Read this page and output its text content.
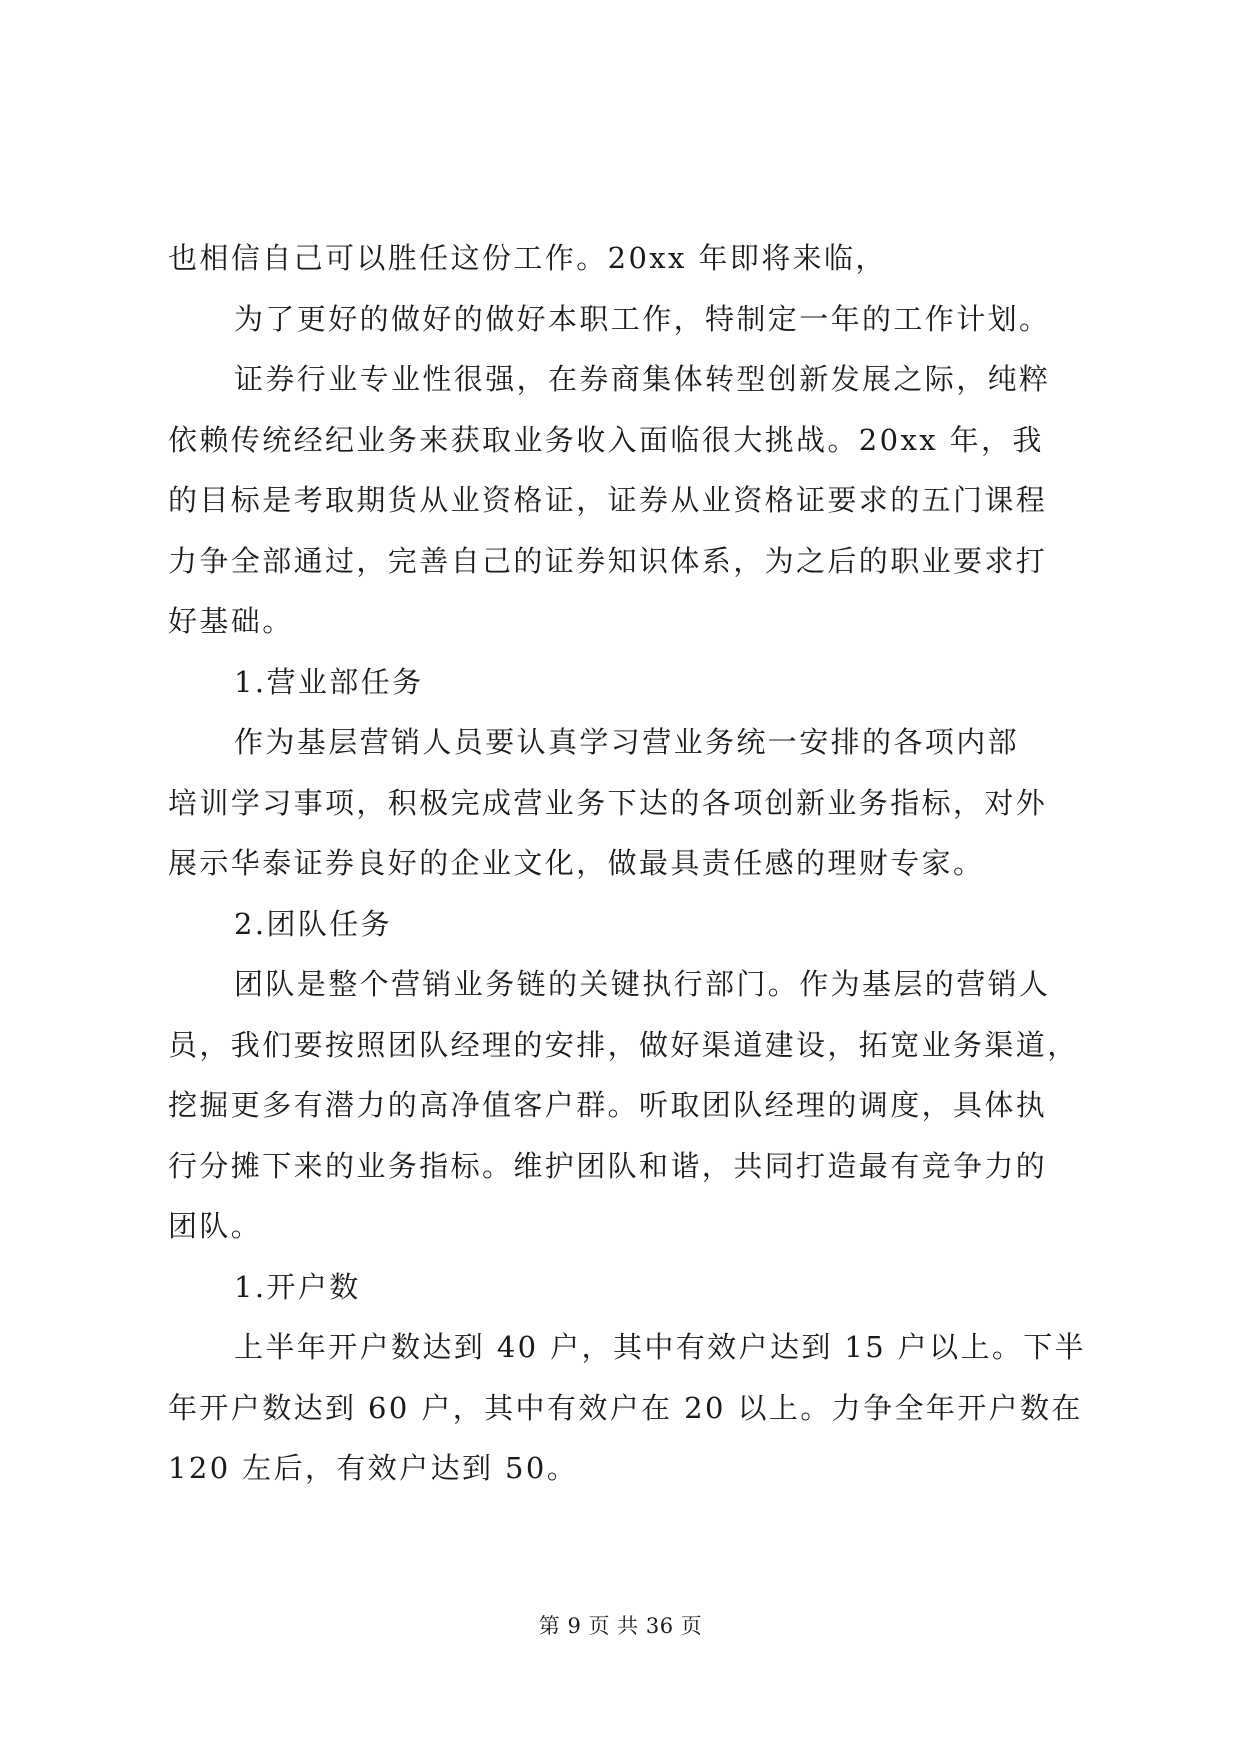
也相信自己可以胜任这份工作。20xx 年即将来临，
为了更好的做好的做好本职工作，特制定一年的工作计划。
证券行业专业性很强，在券商集体转型创新发展之际，纯粹
依赖传统经纪业务来获取业务收入面临很大挑战。20xx 年，我
的目标是考取期货从业资格证，证券从业资格证要求的五门课程
力争全部通过，完善自己的证券知识体系，为之后的职业要求打
好基础。
1.营业部任务
作为基层营销人员要认真学习营业务统一安排的各项内部
培训学习事项，积极完成营业务下达的各项创新业务指标，对外
展示华泰证券良好的企业文化，做最具责任感的理财专家。
2.团队任务
团队是整个营销业务链的关键执行部门。作为基层的营销人
员，我们要按照团队经理的安排，做好渠道建设，拓宽业务渠道，
挖掘更多有潜力的高净值客户群。听取团队经理的调度，具体执
行分摊下来的业务指标。维护团队和谐，共同打造最有竞争力的
团队。
1.开户数
上半年开户数达到 40 户，其中有效户达到 15 户以上。下半
年开户数达到 60 户，其中有效户在 20 以上。力争全年开户数在
120 左后，有效户达到 50。
第 9 页 共 36 页
